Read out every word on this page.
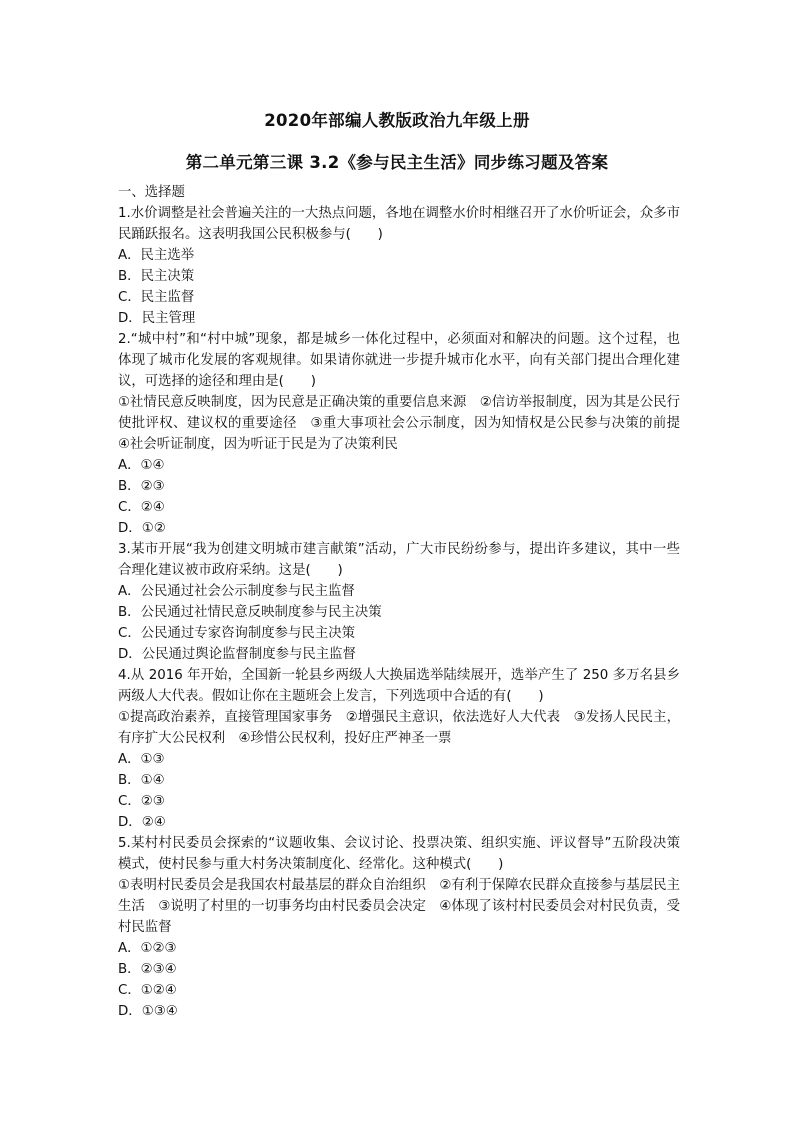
2020年部编人教版政治九年级上册
第二单元第三课 3.2《参与民主生活》同步练习题及答案
一、选择题
1.水价调整是社会普遍关注的一大热点问题，各地在调整水价时相继召开了水价听证会，众多市民踊跃报名。这表明我国公民积极参与(　　)
A．民主选举
B．民主决策
C．民主监督
D．民主管理
2.“城中村”和“村中城”现象，都是城乡一体化过程中，必须面对和解决的问题。这个过程，也体现了城市化发展的客观规律。如果请你就进一步提升城市化水平，向有关部门提出合理化建议，可选择的途径和理由是(　　)
①社情民意反映制度，因为民意是正确决策的重要信息来源　②信访举报制度，因为其是公民行使批评权、建议权的重要途径　③重大事项社会公示制度，因为知情权是公民参与决策的前提　④社会听证制度，因为听证于民是为了决策利民
A．①④
B．②③
C．②④
D．①②
3.某市开展“我为创建文明城市建言献策”活动，广大市民纷纷参与，提出许多建议，其中一些合理化建议被市政府采纳。这是(　　)
A．公民通过社会公示制度参与民主监督
B．公民通过社情民意反映制度参与民主决策
C．公民通过专家咨询制度参与民主决策
D．公民通过舆论监督制度参与民主监督
4.从 2016 年开始，全国新一轮县乡两级人大换届选举陆续展开，选举产生了 250 多万名县乡两级人大代表。假如让你在主题班会上发言，下列选项中合适的有(　　)
①提高政治素养，直接管理国家事务　②增强民主意识，依法选好人大代表　③发扬人民民主，有序扩大公民权利　④珍惜公民权利，投好庄严神圣一票
A．①③
B．①④
C．②③
D．②④
5.某村村民委员会探索的“议题收集、会议讨论、投票决策、组织实施、评议督导”五阶段决策模式，使村民参与重大村务决策制度化、经常化。这种模式(　　)
①表明村民委员会是我国农村最基层的群众自治组织　②有利于保障农民群众直接参与基层民主生活　③说明了村里的一切事务均由村民委员会决定　④体现了该村村民委员会对村民负责，受村民监督
A．①②③
B．②③④
C．①②④
D．①③④
